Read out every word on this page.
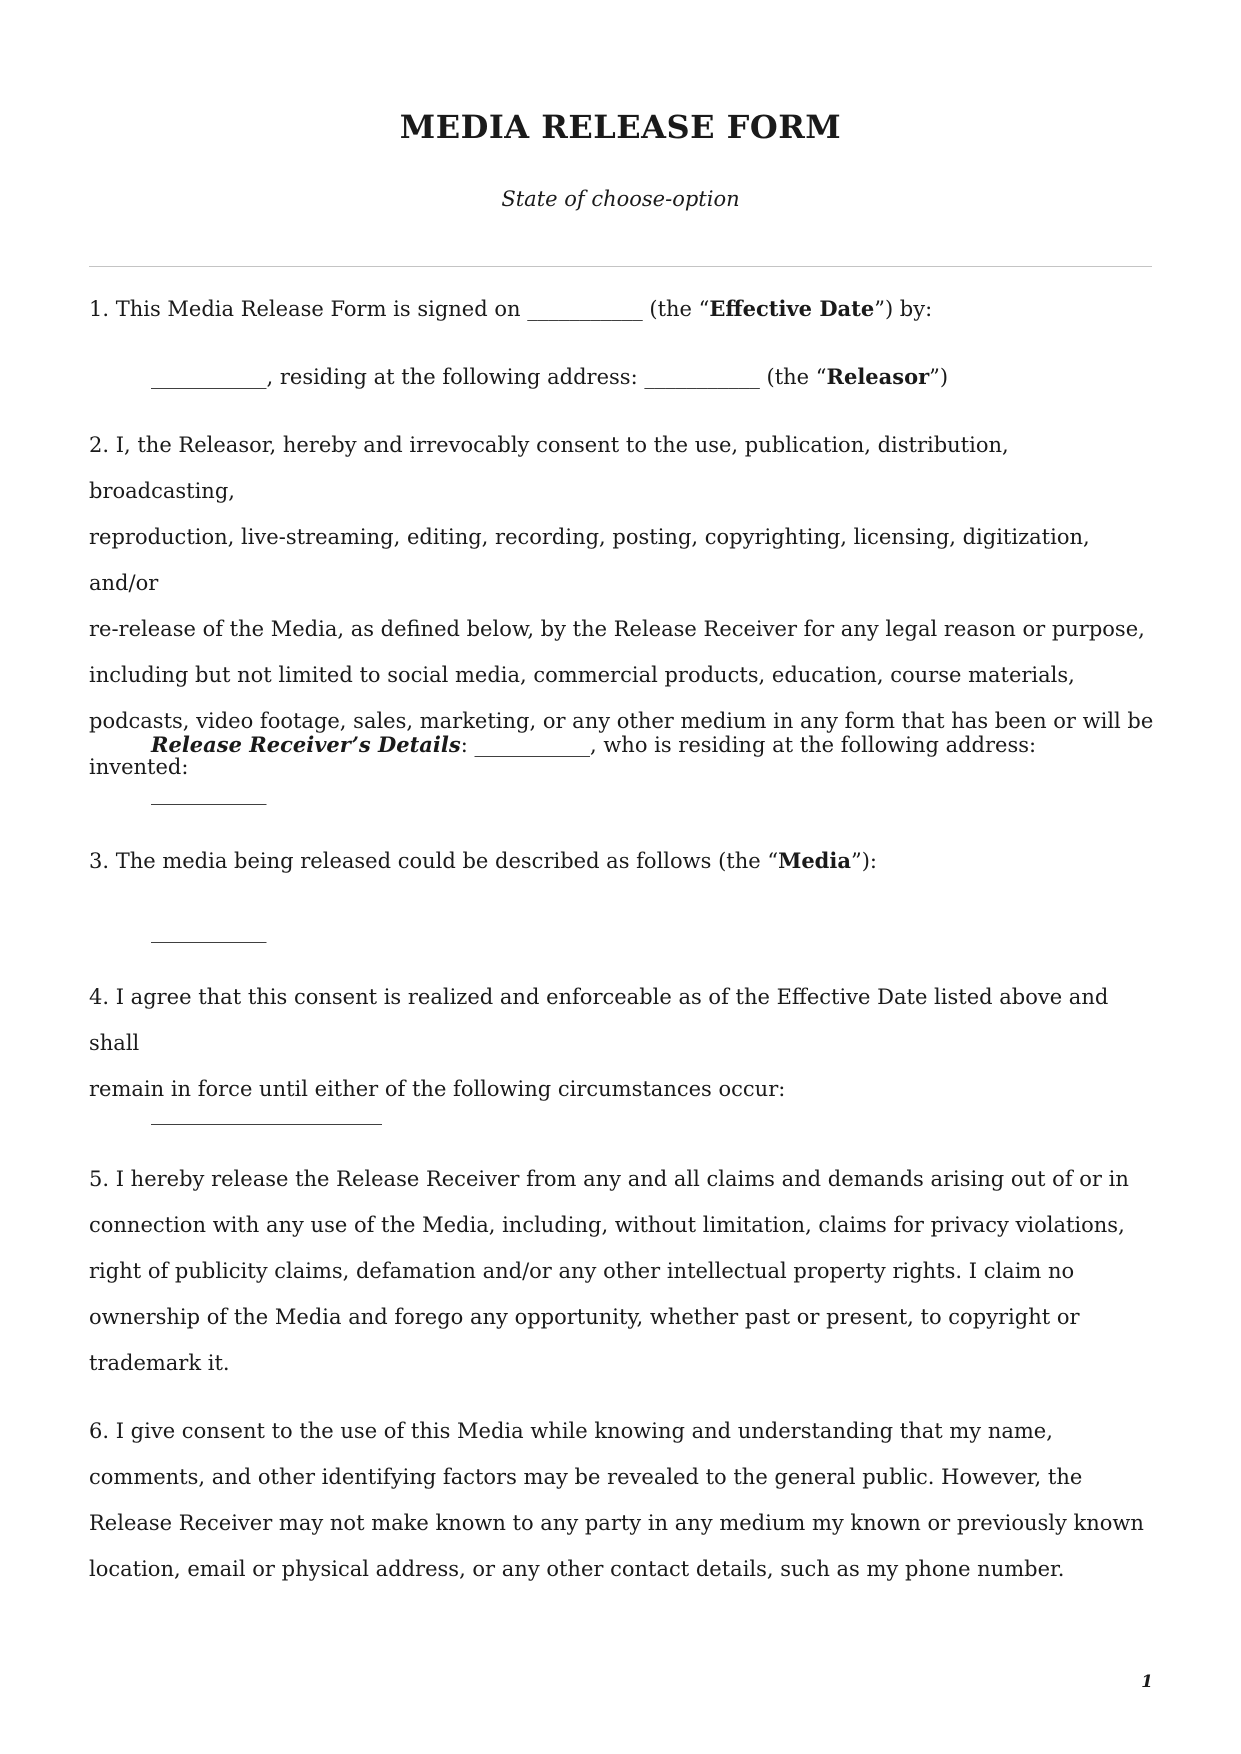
MEDIA RELEASE FORM

State of choose-option

1. This Media Release Form is signed on ___________ (the “Effective Date”) by:

___________, residing at the following address: ___________ (the “Releasor”)

2. I, the Releasor, hereby and irrevocably consent to the use, publication, distribution, broadcasting,
reproduction, live-streaming, editing, recording, posting, copyrighting, licensing, digitization, and/or
re-release of the Media, as defined below, by the Release Receiver for any legal reason or purpose,
including but not limited to social media, commercial products, education, course materials,
podcasts, video footage, sales, marketing, or any other medium in any form that has been or will be
invented:

Release Receiver’s Details: ___________, who is residing at the following address:

___________

3. The media being released could be described as follows (the “Media”):

___________

4. I agree that this consent is realized and enforceable as of the Effective Date listed above and shall
remain in force until either of the following circumstances occur:

______________________

5. I hereby release the Release Receiver from any and all claims and demands arising out of or in
connection with any use of the Media, including, without limitation, claims for privacy violations,
right of publicity claims, defamation and/or any other intellectual property rights. I claim no
ownership of the Media and forego any opportunity, whether past or present, to copyright or
trademark it.
6. I give consent to the use of this Media while knowing and understanding that my name,
comments, and other identifying factors may be revealed to the general public. However, the
Release Receiver may not make known to any party in any medium my known or previously known
location, email or physical address, or any other contact details, such as my phone number.
1
